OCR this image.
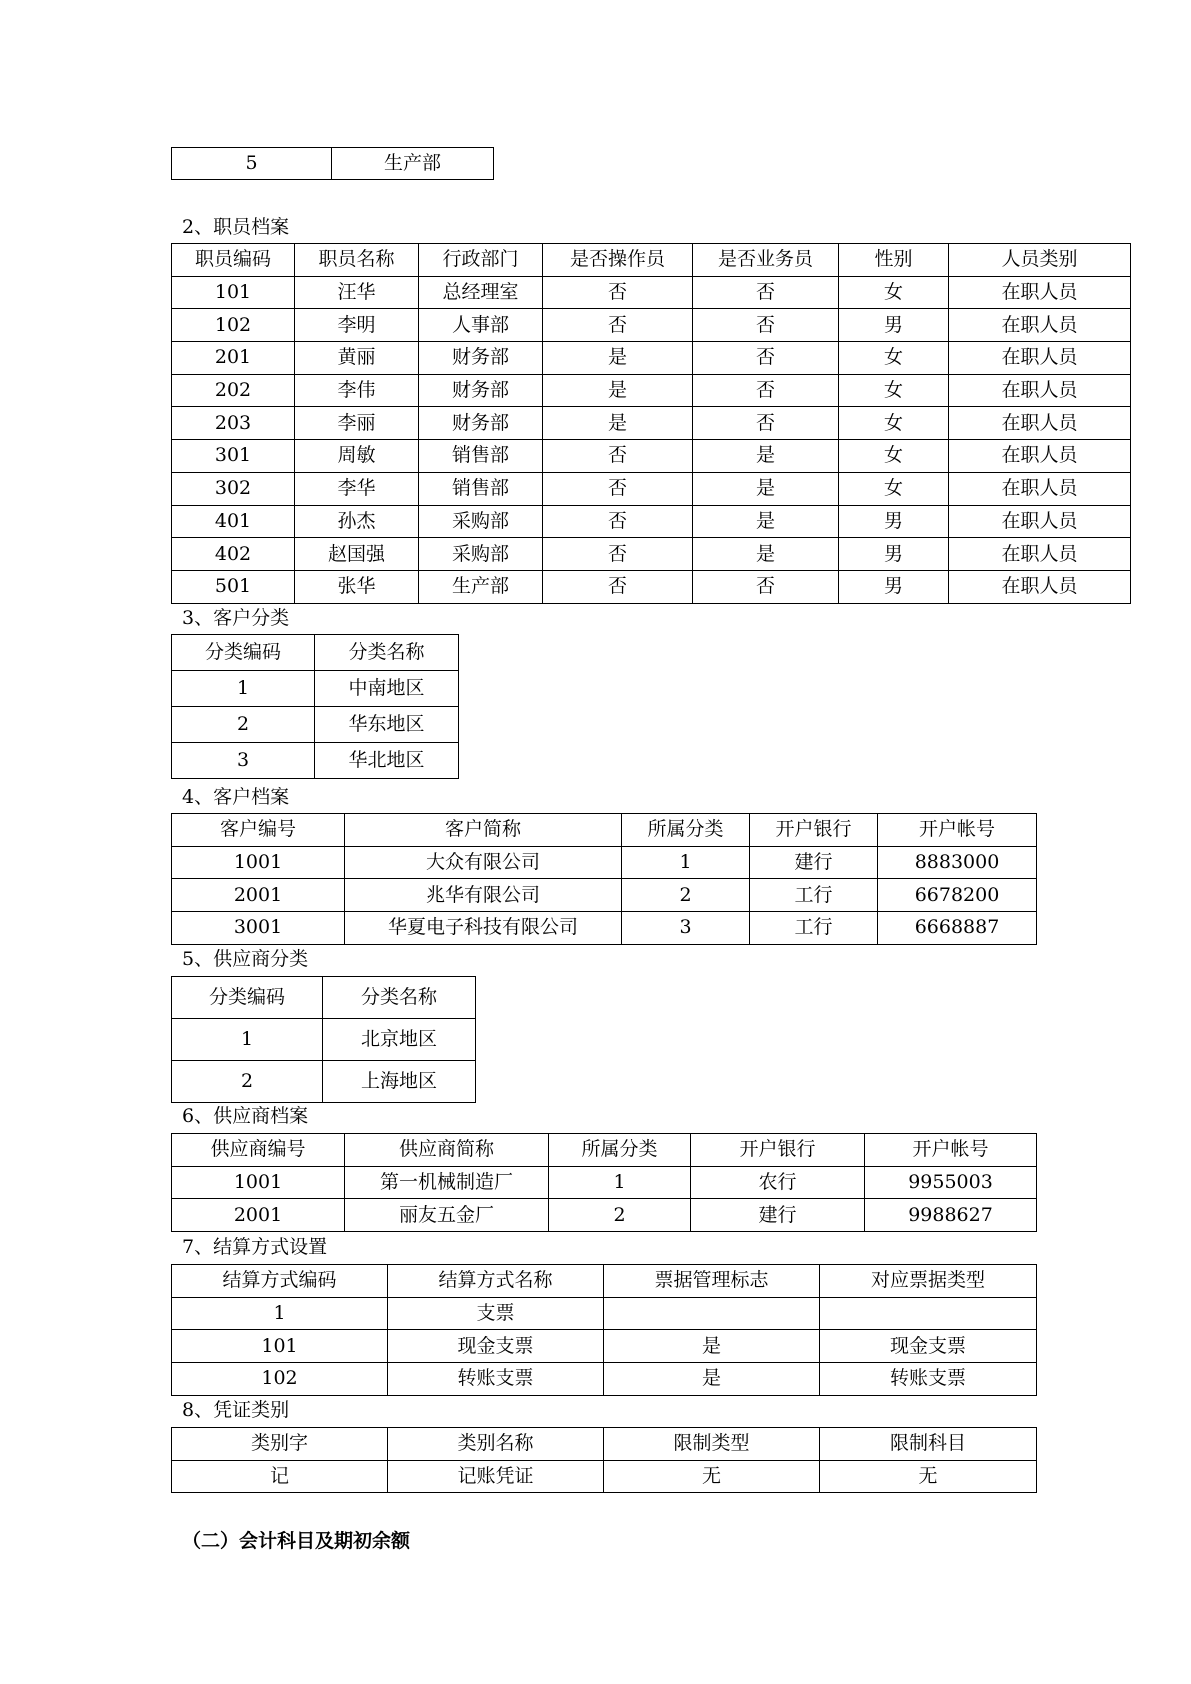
5	生产部
2、职员档案
职员编码	职员名称	行政部门	是否操作员	是否业务员	性别	人员类别
101	汪华	总经理室	否	否	女	在职人员
102	李明	人事部	否	否	男	在职人员
201	黄丽	财务部	是	否	女	在职人员
202	李伟	财务部	是	否	女	在职人员
203	李丽	财务部	是	否	女	在职人员
301	周敏	销售部	否	是	女	在职人员
302	李华	销售部	否	是	女	在职人员
401	孙杰	采购部	否	是	男	在职人员
402	赵国强	采购部	否	是	男	在职人员
501	张华	生产部	否	否	男	在职人员
3、客户分类
分类编码	分类名称
1	中南地区
2	华东地区
3	华北地区
4、客户档案
客户编号	客户简称	所属分类	开户银行	开户帐号
1001	大众有限公司	1	建行	8883000
2001	兆华有限公司	2	工行	6678200
3001	华夏电子科技有限公司	3	工行	6668887
5、供应商分类
分类编码	分类名称
1	北京地区
2	上海地区
6、供应商档案
供应商编号	供应商简称	所属分类	开户银行	开户帐号
1001	第一机械制造厂	1	农行	9955003
2001	丽友五金厂	2	建行	9988627
7、结算方式设置
结算方式编码	结算方式名称	票据管理标志	对应票据类型
1	支票		
101	现金支票	是	现金支票
102	转账支票	是	转账支票
8、凭证类别
类别字	类别名称	限制类型	限制科目
记	记账凭证	无	无
（二）会计科目及期初余额
